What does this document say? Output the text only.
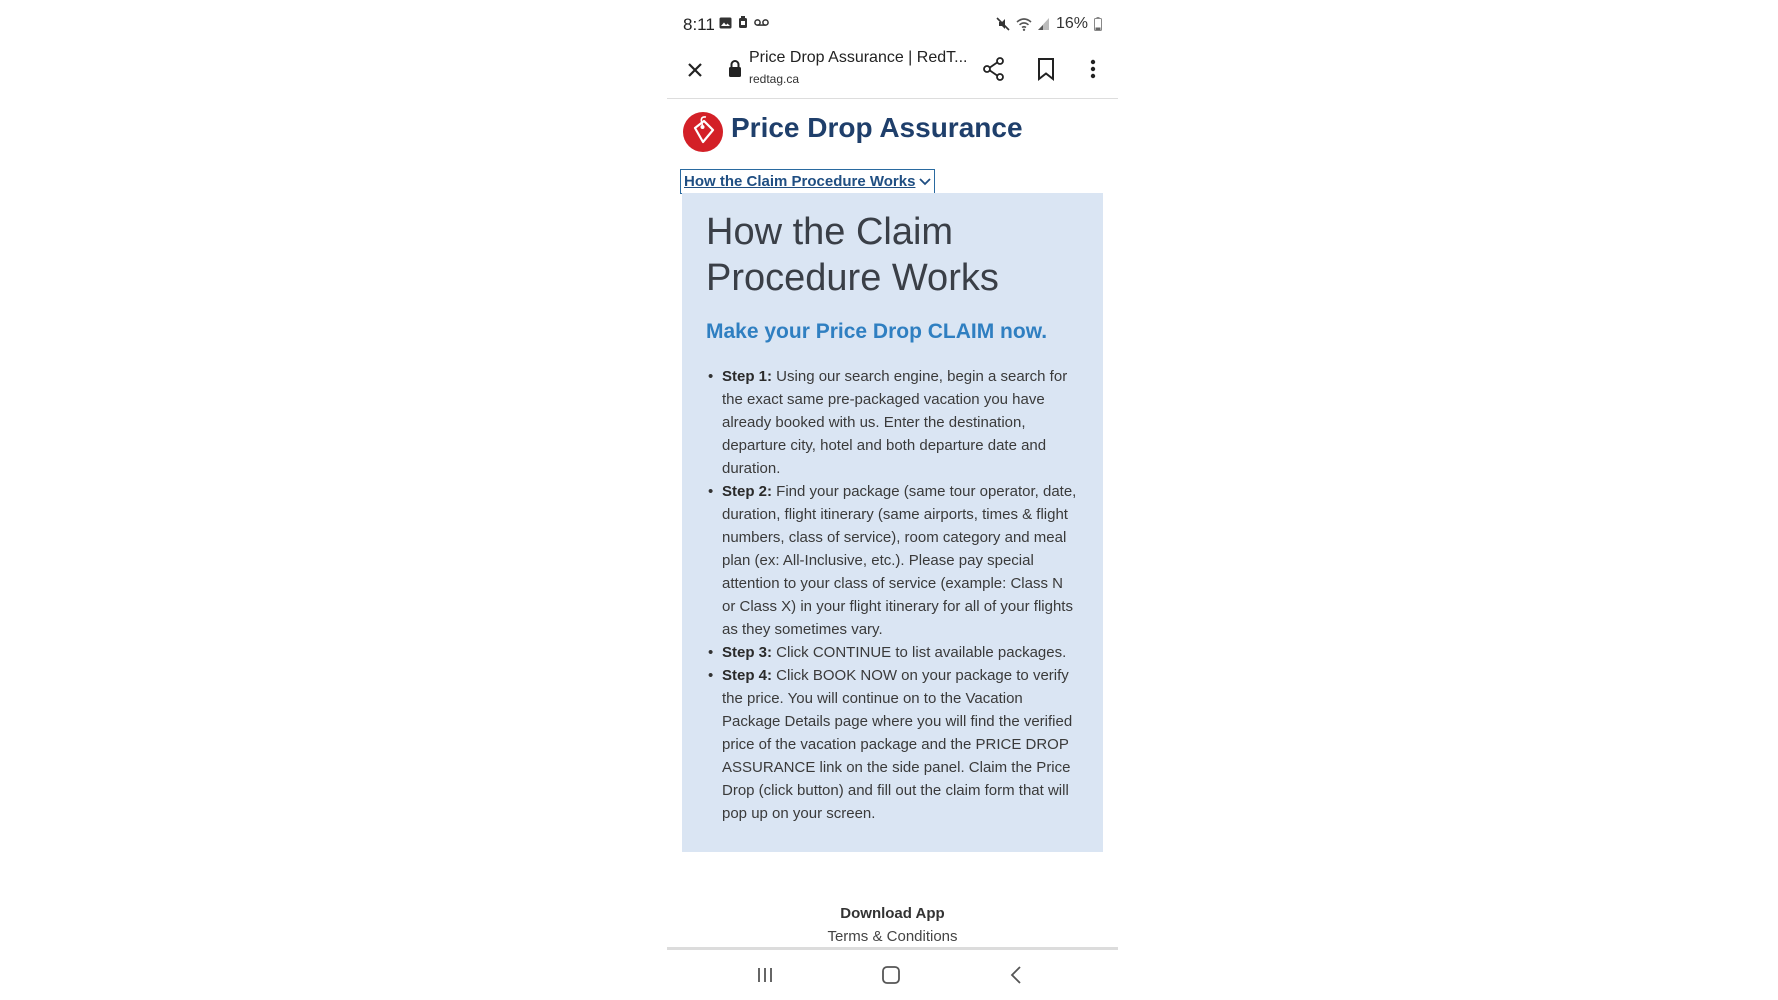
8:11	16%
Price Drop Assurance | RedT...
redtag.ca
Price Drop Assurance
How the Claim Procedure Works
How the Claim
Procedure Works
Make your Price Drop CLAIM now.
• Step 1: Using our search engine, begin a search for the exact same pre-packaged vacation you have already booked with us. Enter the destination, departure city, hotel and both departure date and duration.
• Step 2: Find your package (same tour operator, date, duration, flight itinerary (same airports, times & flight numbers, class of service), room category and meal plan (ex: All-Inclusive, etc.). Please pay special attention to your class of service (example: Class N or Class X) in your flight itinerary for all of your flights as they sometimes vary.
• Step 3: Click CONTINUE to list available packages.
• Step 4: Click BOOK NOW on your package to verify the price. You will continue on to the Vacation Package Details page where you will find the verified price of the vacation package and the PRICE DROP ASSURANCE link on the side panel. Claim the Price Drop (click button) and fill out the claim form that will pop up on your screen.
Download App
Terms & Conditions
